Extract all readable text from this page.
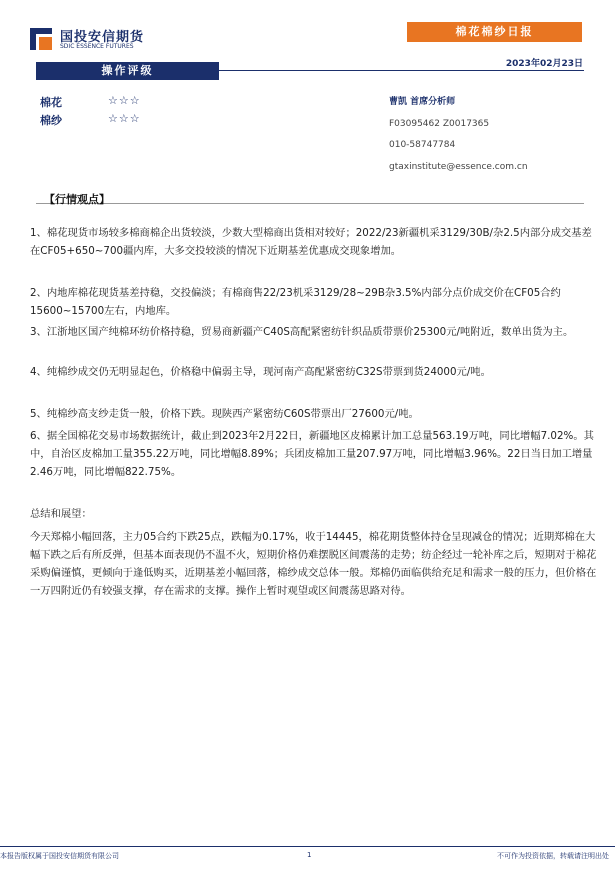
国投安信期货
SDIC ESSENCE FUTURES
棉花棉纱日报
2023年02月23日
操作评级
棉花	☆☆☆
棉纱	☆☆☆
曹凯 首席分析师
F03095462 Z0017365
010-58747784
gtaxinstitute@essence.com.cn
【行情观点】
1、棉花现货市场较多棉商棉企出货较淡，少数大型棉商出货相对较好；2022/23新疆机采3129/30B/杂2.5内部分成交基差在CF05+650~700疆内库，大多交投较淡的情况下近期基差优惠成交现象增加。
2、内地库棉花现货基差持稳，交投偏淡；有棉商售22/23机采3129/28~29B杂3.5%内部分点价成交价在CF05合约15600~15700左右，内地库。
3、江浙地区国产纯棉环纺价格持稳，贸易商新疆产C40S高配紧密纺针织品质带票价25300元/吨附近，数单出货为主。
4、纯棉纱成交仍无明显起色，价格稳中偏弱主导，现河南产高配紧密纺C32S带票到货24000元/吨。
5、纯棉纱高支纱走货一般，价格下跌。现陕西产紧密纺C60S带票出厂27600元/吨。
6、据全国棉花交易市场数据统计，截止到2023年2月22日，新疆地区皮棉累计加工总量563.19万吨，同比增幅7.02%。其中，自治区皮棉加工量355.22万吨，同比增幅8.89%；兵团皮棉加工量207.97万吨，同比增幅3.96%。22日当日加工增量2.46万吨，同比增幅822.75%。
总结和展望：
今天郑棉小幅回落，主力05合约下跌25点，跌幅为0.17%，收于14445，棉花期货整体持仓呈现减仓的情况；近期郑棉在大幅下跌之后有所反弹，但基本面表现仍不温不火，短期价格仍难摆脱区间震荡的走势；纺企经过一轮补库之后，短期对于棉花采购偏谨慎，更倾向于逢低购买，近期基差小幅回落，棉纱成交总体一般。郑棉仍面临供给充足和需求一般的压力，但价格在一万四附近仍有较强支撑，存在需求的支撑。操作上暂时观望或区间震荡思路对待。
本报告版权属于国投安信期货有限公司	1	不可作为投资依据，转载请注明出处
